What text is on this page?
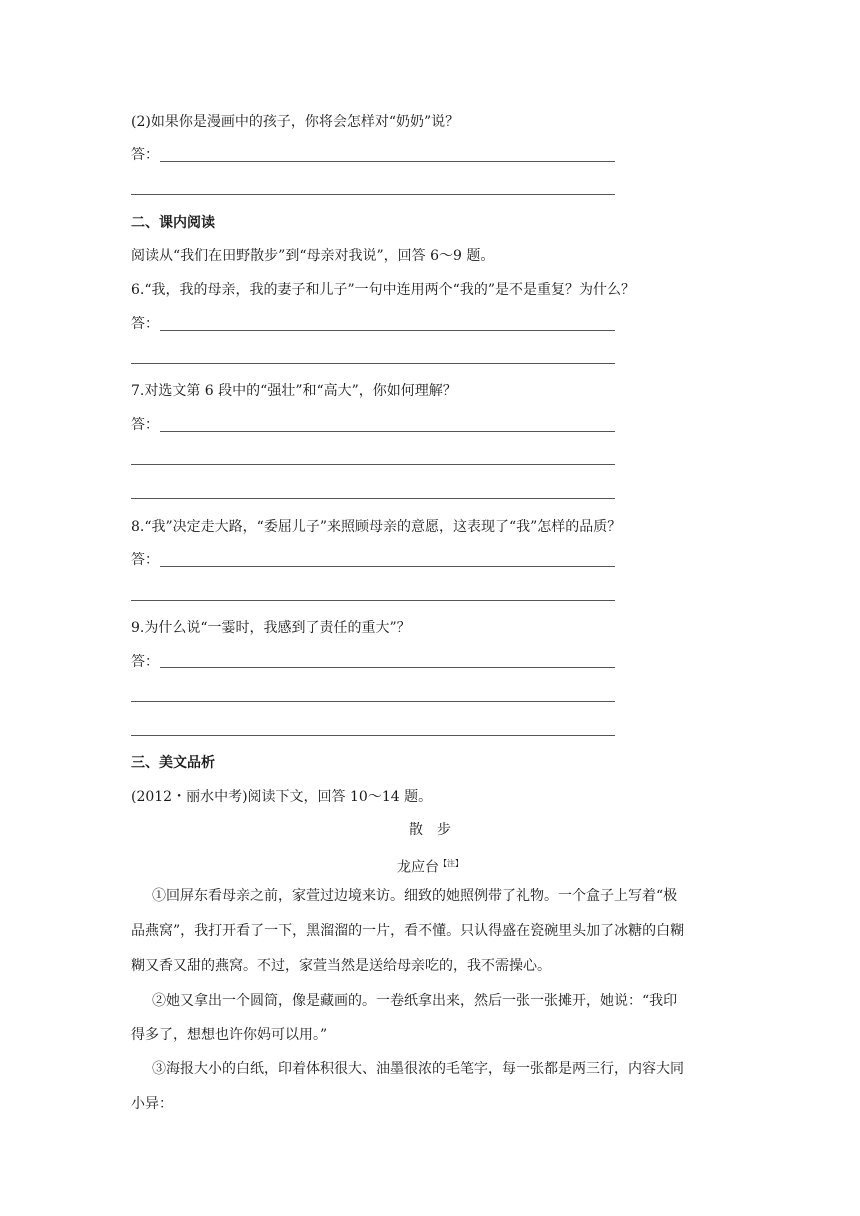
(2)如果你是漫画中的孩子，你将会怎样对“奶奶”说？
答：
二、课内阅读
阅读从“我们在田野散步”到“母亲对我说”，回答 6～9 题。
6.“我，我的母亲，我的妻子和儿子”一句中连用两个“我的”是不是重复？为什么？
答：
7.对选文第 6 段中的“强壮”和“高大”，你如何理解？
答：
8.“我”决定走大路，“委屈儿子”来照顾母亲的意愿，这表现了“我”怎样的品质？
答：
9.为什么说“一霎时，我感到了责任的重大”？
答：
三、美文品析
(2012・丽水中考)阅读下文，回答 10～14 题。
散　步
龙应台$^{【注】}$
①回屏东看母亲之前，家萱过边境来访。细致的她照例带了礼物。一个盒子上写着“极
品燕窝”，我打开看了一下，黑溜溜的一片，看不懂。只认得盛在瓷碗里头加了冰糖的白糊
糊又香又甜的燕窝。不过，家萱当然是送给母亲吃的，我不需操心。
②她又拿出一个圆筒，像是藏画的。一卷纸拿出来，然后一张一张摊开，她说：“我印
得多了，想想也许你妈可以用。”
③海报大小的白纸，印着体积很大、油墨很浓的毛笔字，每一张都是两三行，内容大同
小异：
